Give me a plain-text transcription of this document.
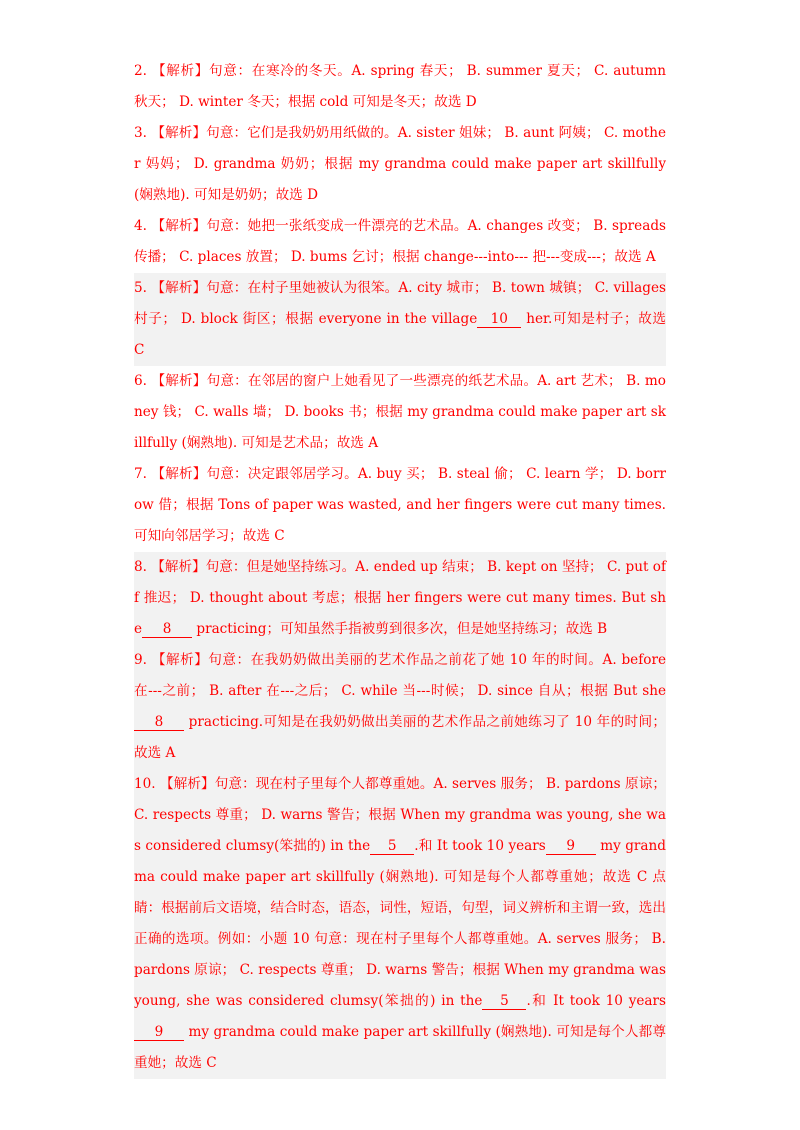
2. 【解析】句意：在寒冷的冬天。A. spring 春天； B. summer 夏天； C. autumn 秋天； D. winter 冬天；根据 cold 可知是冬天；故选 D

3. 【解析】句意：它们是我奶奶用纸做的。A. sister 姐妹； B. aunt 阿姨； C. mother 妈妈； D. grandma 奶奶；根据 my grandma could make paper art skillfully (娴熟地). 可知是奶奶；故选 D

4. 【解析】句意：她把一张纸变成一件漂亮的艺术品。A. changes 改变； B. spreads 传播； C. places 放置； D. bums 乞讨；根据 change---into--- 把---变成---；故选 A

5. 【解析】句意：在村子里她被认为很笨。A. city 城市； B. town 城镇； C. villages 村子； D. block 街区；根据 everyone in the village 10 her.可知是村子；故选 C

6. 【解析】句意：在邻居的窗户上她看见了一些漂亮的纸艺术品。A. art 艺术； B. money 钱； C. walls 墙； D. books 书；根据 my grandma could make paper art skillfully (娴熟地). 可知是艺术品；故选 A

7. 【解析】句意：决定跟邻居学习。A. buy 买； B. steal 偷； C. learn 学； D. borrow 借；根据 Tons of paper was wasted, and her fingers were cut many times.可知向邻居学习；故选 C

8. 【解析】句意：但是她坚持练习。A. ended up 结束； B. kept on 坚持； C. put off 推迟； D. thought about 考虑；根据 her fingers were cut many times. But she 8 practicing；可知虽然手指被剪到很多次，但是她坚持练习；故选 B

9. 【解析】句意：在我奶奶做出美丽的艺术作品之前花了她 10 年的时间。A. before 在---之前； B. after 在---之后； C. while 当---时候； D. since 自从；根据 But she8 practicing.可知是在我奶奶做出美丽的艺术作品之前她练习了 10 年的时间；故选 A

10. 【解析】句意：现在村子里每个人都尊重她。A. serves 服务； B. pardons 原谅； C. respects 尊重； D. warns 警告；根据 When my grandma was young, she was considered clumsy(笨拙的) in the 5 .和 It took 10 years 9 my grandma could make paper art skillfully (娴熟地). 可知是每个人都尊重她；故选 C 点睛：根据前后文语境，结合时态，语态，词性，短语，句型，词义辨析和主谓一致，选出正确的选项。例如：小题 10 句意：现在村子里每个人都尊重她。A. serves 服务； B. pardons 原谅； C. respects 尊重； D. warns 警告；根据 When my grandma was young, she was considered clumsy(笨拙的) in the 5 .和 It took 10 years9 my grandma could make paper art skillfully (娴熟地). 可知是每个人都尊重她；故选 C
